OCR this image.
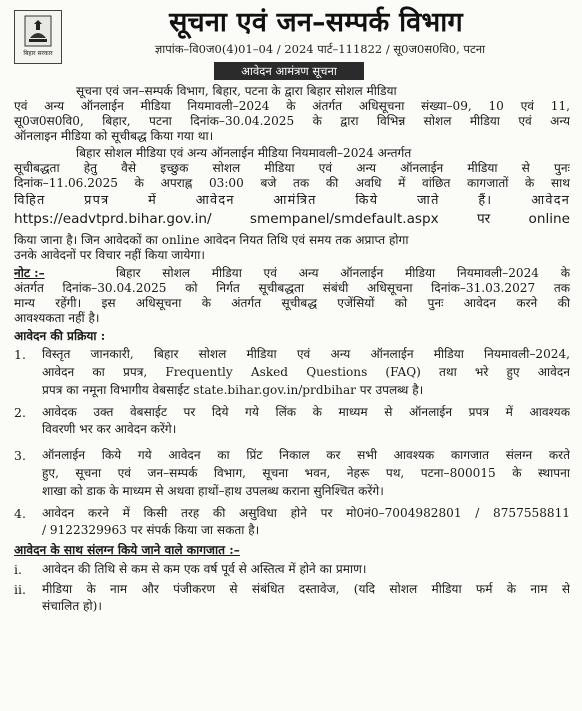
बिहार सरकार
सूचना एवं जन–सम्पर्क विभाग
ज्ञापांक–वि0ज0(4)01–04 / 2024 पार्ट–111822 / सू0ज0स0वि0, पटना
आवेदन आमंत्रण सूचना
सूचना एवं जन–सम्पर्क विभाग, बिहार, पटना के द्वारा बिहार सोशल मीडिया
एवं अन्य ऑनलाईन मीडिया नियमावली–2024 के अंतर्गत अधिसूचना संख्या–09, 10 एवं 11,
सू0ज0स0वि0, बिहार, पटना दिनांक–30.04.2025 के द्वारा विभिन्न सोशल मीडिया एवं अन्य
ऑनलाइन मीडिया को सूचीबद्ध किया गया था।
बिहार सोशल मीडिया एवं अन्य ऑनलाईन मीडिया नियमावली–2024 अन्तर्गत
सूचीबद्धता हेतु वैसे इच्छुक सोशल मीडिया एवं अन्य ऑनलाईन मीडिया से पुनः
दिनांक–11.06.2025 के अपराह्न 03:00 बजे तक की अवधि में वांछित कागजातों के साथ
विहित प्रपत्र में आवेदन आमंत्रित किये जाते हैं। आवेदन
https://eadvtprd.bihar.gov.in/ smempanel/smdefault.aspx पर online
किया जाना है। जिन आवेदकों का online आवेदन नियत तिथि एवं समय तक अप्राप्त होगा
उनके आवेदनों पर विचार नहीं किया जायेगा।
नोट :–	बिहार सोशल मीडिया एवं अन्य ऑनलाईन मीडिया नियमावली–2024 के
अंतर्गत दिनांक–30.04.2025 को निर्गत सूचीबद्धता संबंधी अधिसूचना दिनांक–31.03.2027 तक
मान्य रहेंगी। इस अधिसूचना के अंतर्गत सूचीबद्ध एजेंसियों को पुनः आवेदन करने की
आवश्यकता नहीं है।
आवेदन की प्रक्रिया :
1.	विस्तृत जानकारी, बिहार सोशल मीडिया एवं अन्य ऑनलाईन मीडिया नियमावली–2024,
आवेदन का प्रपत्र, Frequently Asked Questions (FAQ) तथा भरे हुए आवेदन
प्रपत्र का नमूना विभागीय वेबसाईट state.bihar.gov.in/prdbihar पर उपलब्ध है।
2.	आवेदक उक्त वेबसाईट पर दिये गये लिंक के माध्यम से ऑनलाईन प्रपत्र में आवश्यक
विवरणी भर कर आवेदन करेंगे।
3.	ऑनलाईन किये गये आवेदन का प्रिंट निकाल कर सभी आवश्यक कागजात संलग्न करते
हुए, सूचना एवं जन–सम्पर्क विभाग, सूचना भवन, नेहरू पथ, पटना–800015 के स्थापना
शाखा को डाक के माध्यम से अथवा हाथों–हाथ उपलब्ध कराना सुनिश्चित करेंगे।
4.	आवेदन करने में किसी तरह की असुविधा होने पर मो0नं0–7004982801 / 8757558811
/ 9122329963 पर संपर्क किया जा सकता है।
आवेदन के साथ संलग्न किये जाने वाले कागजात :–
i.	आवेदन की तिथि से कम से कम एक वर्ष पूर्व से अस्तित्व में होने का प्रमाण।
ii.	मीडिया के नाम और पंजीकरण से संबंधित दस्तावेज, (यदि सोशल मीडिया फर्म के नाम से
संचालित हो)।
